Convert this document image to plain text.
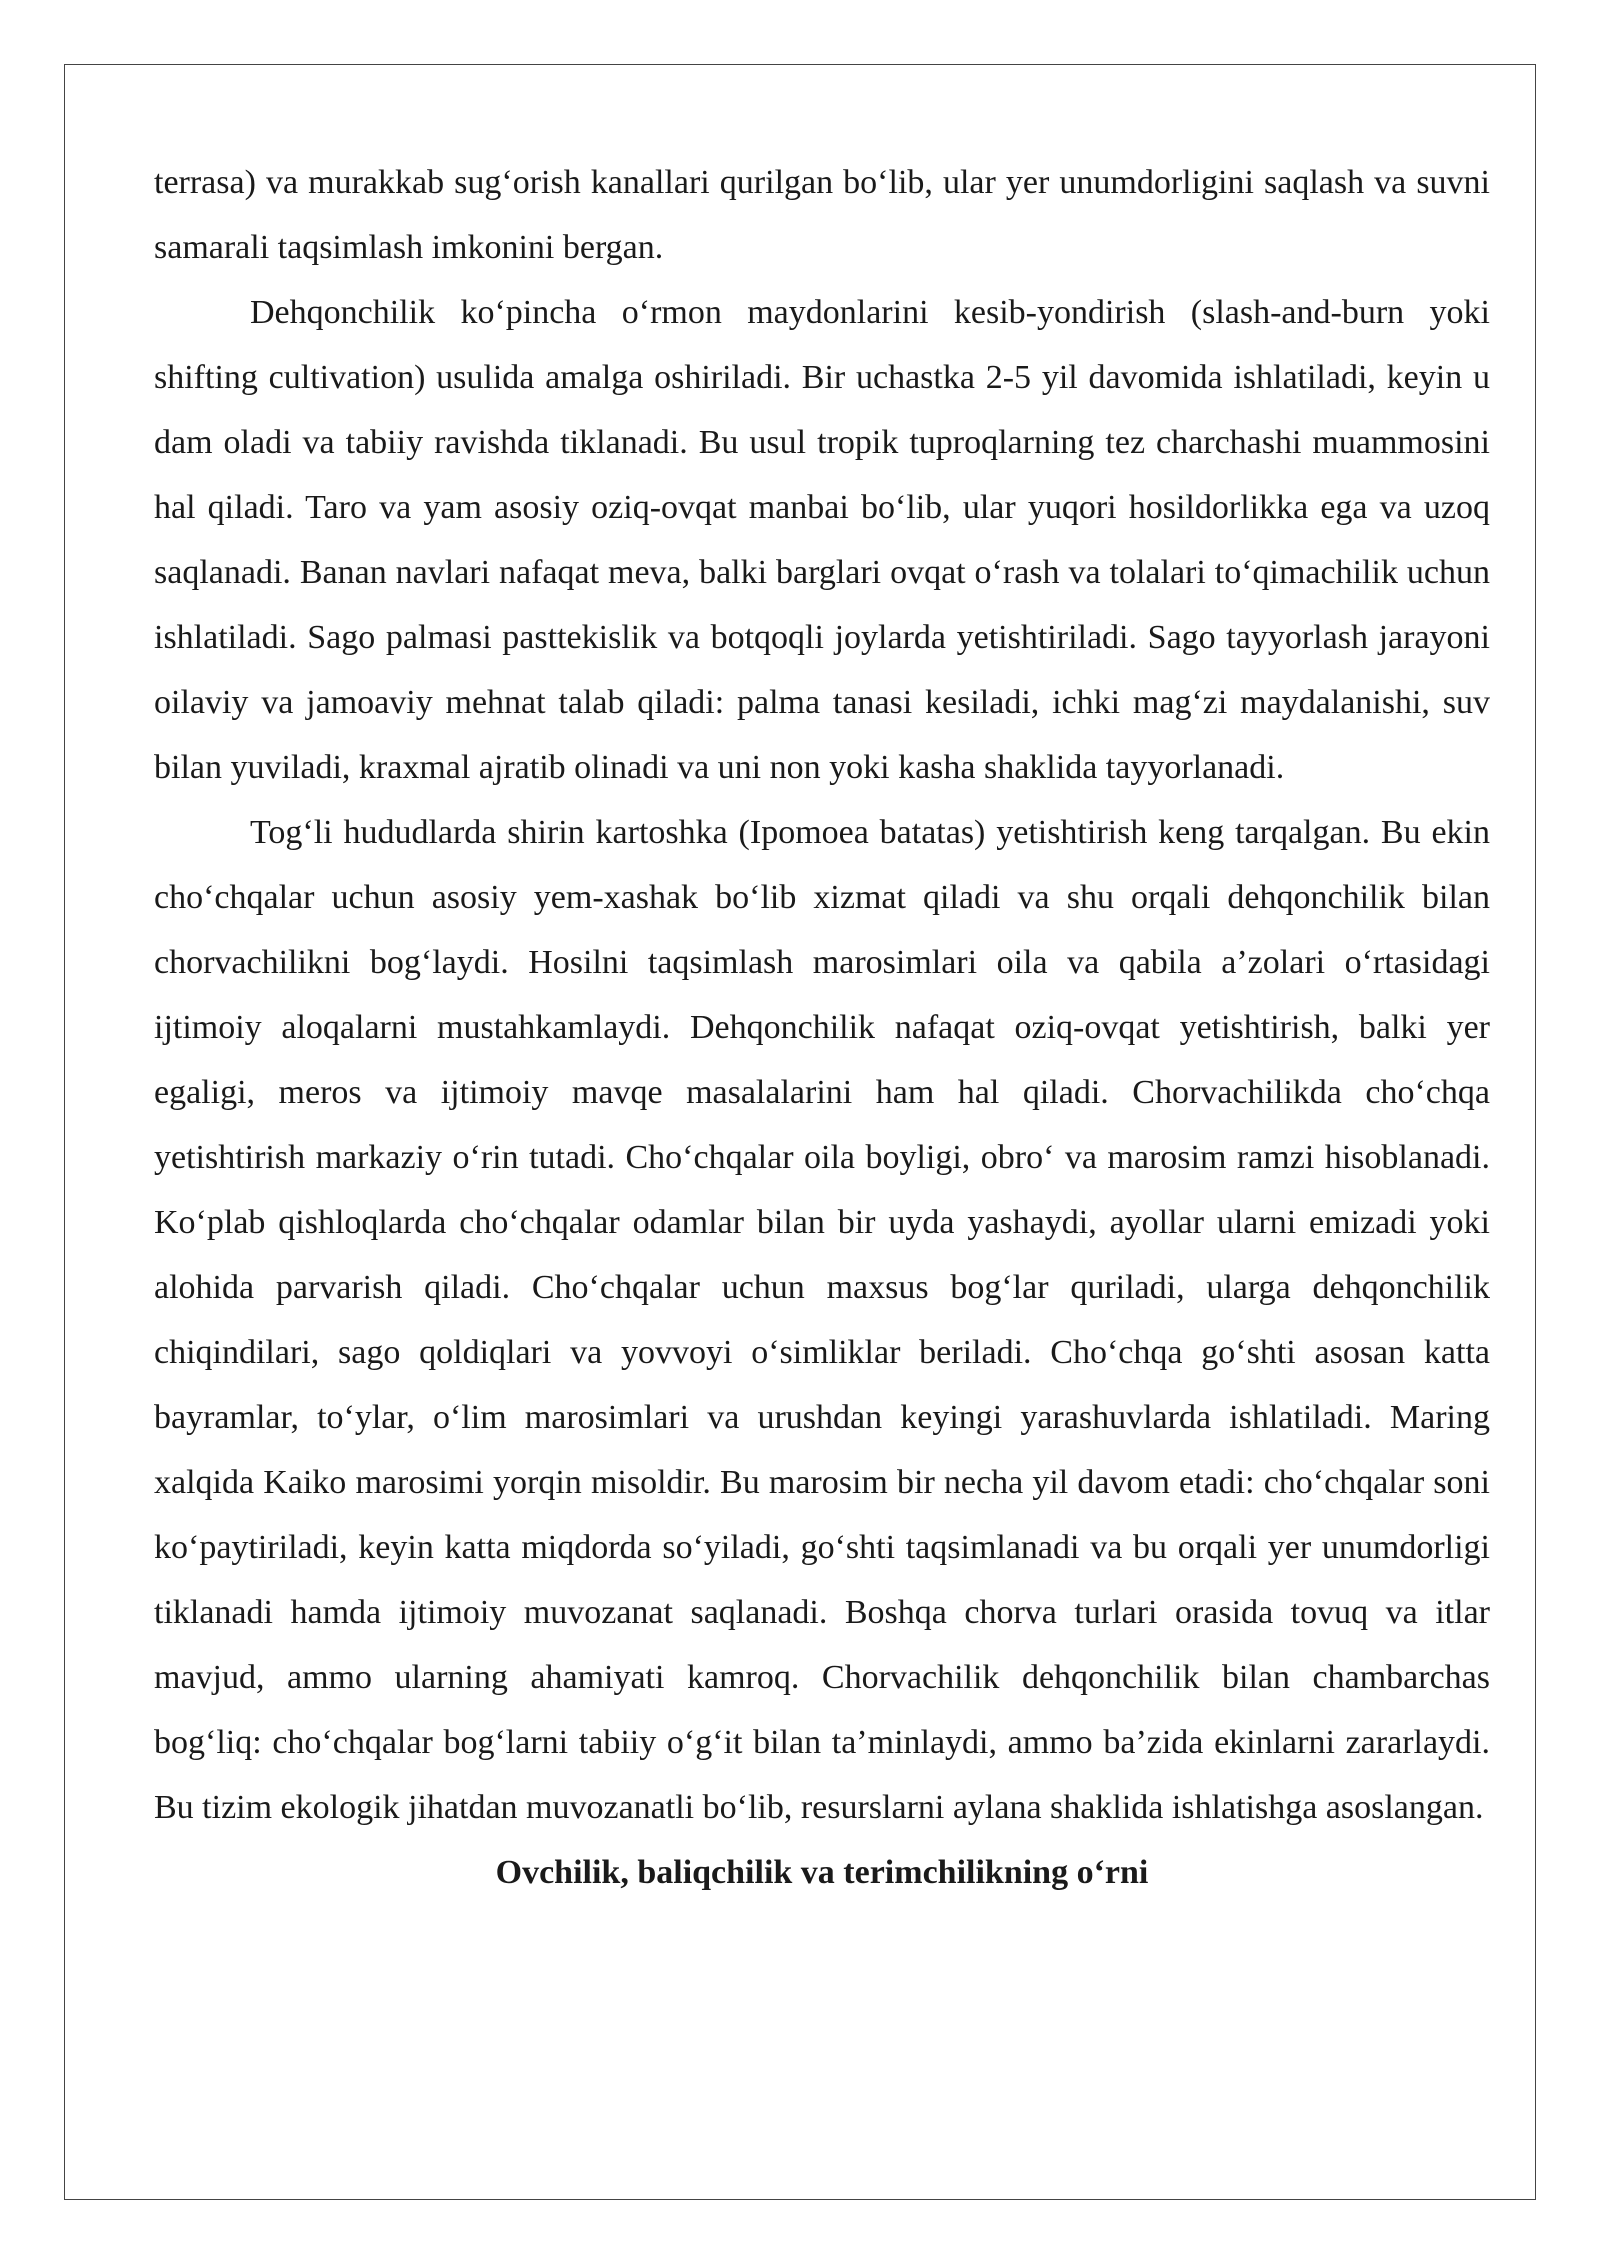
terrasa) va murakkab sug‘orish kanallari qurilgan bo‘lib, ular yer unumdorligini saqlash va suvni samarali taqsimlash imkonini bergan.

Dehqonchilik ko‘pincha o‘rmon maydonlarini kesib-yondirish (slash-and-burn yoki shifting cultivation) usulida amalga oshiriladi. Bir uchastka 2-5 yil davomida ishlatiladi, keyin u dam oladi va tabiiy ravishda tiklanadi. Bu usul tropik tuproqlarning tez charchashi muammosini hal qiladi. Taro va yam asosiy oziq-ovqat manbai bo‘lib, ular yuqori hosildorlikka ega va uzoq saqlanadi. Banan navlari nafaqat meva, balki barglari ovqat o‘rash va tolalari to‘qimachilik uchun ishlatiladi. Sago palmasi pasttekislik va botqoqli joylarda yetishtiriladi. Sago tayyorlash jarayoni oilaviy va jamoaviy mehnat talab qiladi: palma tanasi kesiladi, ichki mag‘zi maydalanishi, suv bilan yuviladi, kraxmal ajratib olinadi va uni non yoki kasha shaklida tayyorlanadi.

Tog‘li hududlarda shirin kartoshka (Ipomoea batatas) yetishtirish keng tarqalgan. Bu ekin cho‘chqalar uchun asosiy yem-xashak bo‘lib xizmat qiladi va shu orqali dehqonchilik bilan chorvachilikni bog‘laydi. Hosilni taqsimlash marosimlari oila va qabila a’zolari o‘rtasidagi ijtimoiy aloqalarni mustahkamlaydi. Dehqonchilik nafaqat oziq-ovqat yetishtirish, balki yer egaligi, meros va ijtimoiy mavqe masalalarini ham hal qiladi. Chorvachilikda cho‘chqa yetishtirish markaziy o‘rin tutadi. Cho‘chqalar oila boyligi, obro‘ va marosim ramzi hisoblanadi. Ko‘plab qishloqlarda cho‘chqalar odamlar bilan bir uyda yashaydi, ayollar ularni emizadi yoki alohida parvarish qiladi. Cho‘chqalar uchun maxsus bog‘lar quriladi, ularga dehqonchilik chiqindilari, sago qoldiqlari va yovvoyi o‘simliklar beriladi. Cho‘chqa go‘shti asosan katta bayramlar, to‘ylar, o‘lim marosimlari va urushdan keyingi yarashuvlarda ishlatiladi. Maring xalqida Kaiko marosimi yorqin misoldir. Bu marosim bir necha yil davom etadi: cho‘chqalar soni ko‘paytiriladi, keyin katta miqdorda so‘yiladi, go‘shti taqsimlanadi va bu orqali yer unumdorligi tiklanadi hamda ijtimoiy muvozanat saqlanadi. Boshqa chorva turlari orasida tovuq va itlar mavjud, ammo ularning ahamiyati kamroq. Chorvachilik dehqonchilik bilan chambarchas bog‘liq: cho‘chqalar bog‘larni tabiiy o‘g‘it bilan ta’minlaydi, ammo ba’zida ekinlarni zararlaydi. Bu tizim ekologik jihatdan muvozanatli bo‘lib, resurslarni aylana shaklida ishlatishga asoslangan.

Ovchilik, baliqchilik va terimchilikning o‘rni
